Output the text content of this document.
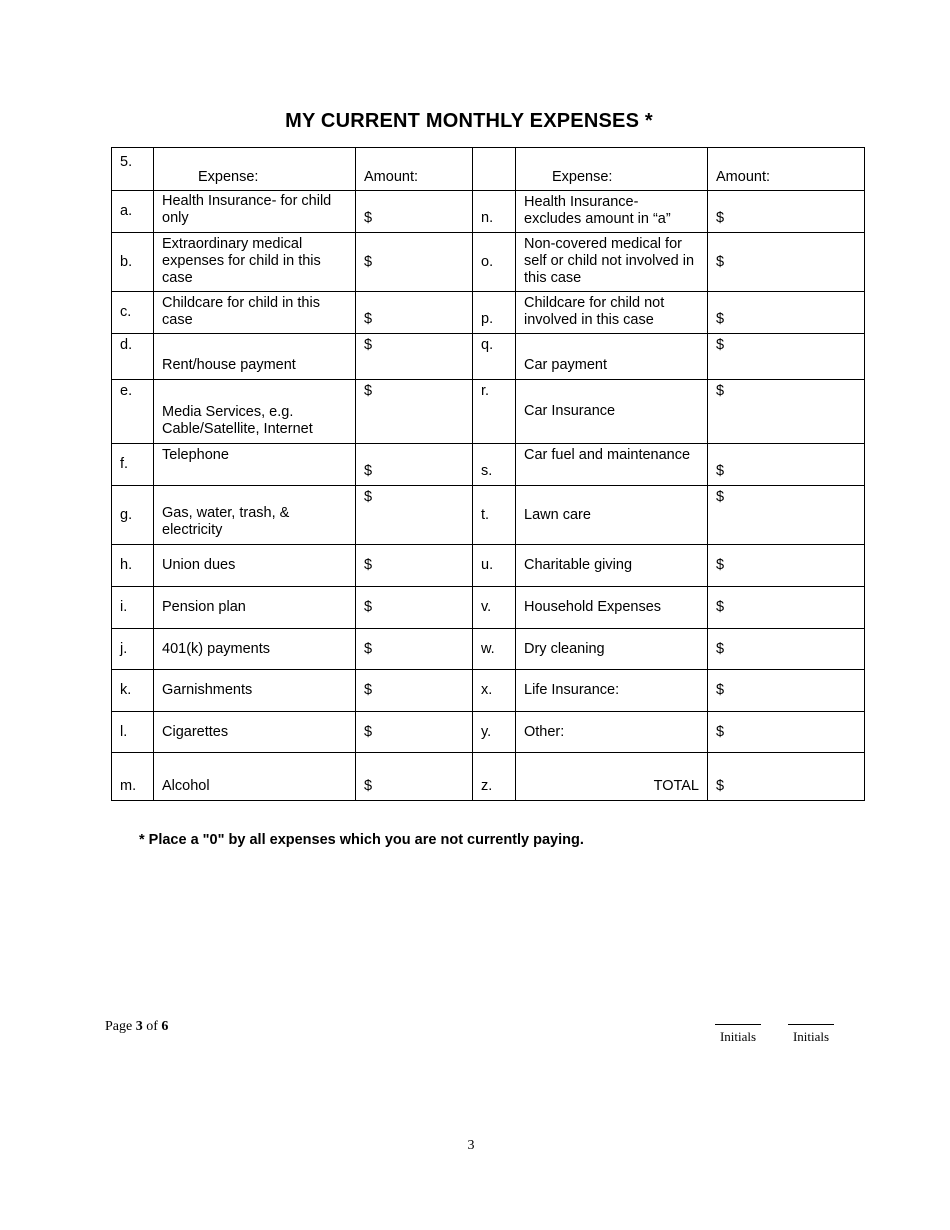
MY CURRENT MONTHLY EXPENSES *
5.	Expense:	Amount:		Expense:	Amount:
a.	Health Insurance- for child only	$	n.	Health Insurance- excludes amount in “a”	$
b.	Extraordinary medical expenses for child in this case	$	o.	Non-covered medical for self or child not involved in this case	$
c.	Childcare for child in this case	$	p.	Childcare for child not involved in this case	$
d.	Rent/house payment	$	q.	Car payment	$
e.	Media Services, e.g. Cable/Satellite, Internet	$	r.	Car Insurance	$
f.	Telephone	$	s.	Car fuel and maintenance	$
g.	Gas, water, trash, & electricity	$	t.	Lawn care	$
h.	Union dues	$	u.	Charitable giving	$
i.	Pension plan	$	v.	Household Expenses	$
j.	401(k) payments	$	w.	Dry cleaning	$
k.	Garnishments	$	x.	Life Insurance:	$
l.	Cigarettes	$	y.	Other:	$
m.	Alcohol	$	z.	TOTAL	$
* Place a "0" by all expenses which you are not currently paying.
Page 3 of 6
Initials	Initials
3
